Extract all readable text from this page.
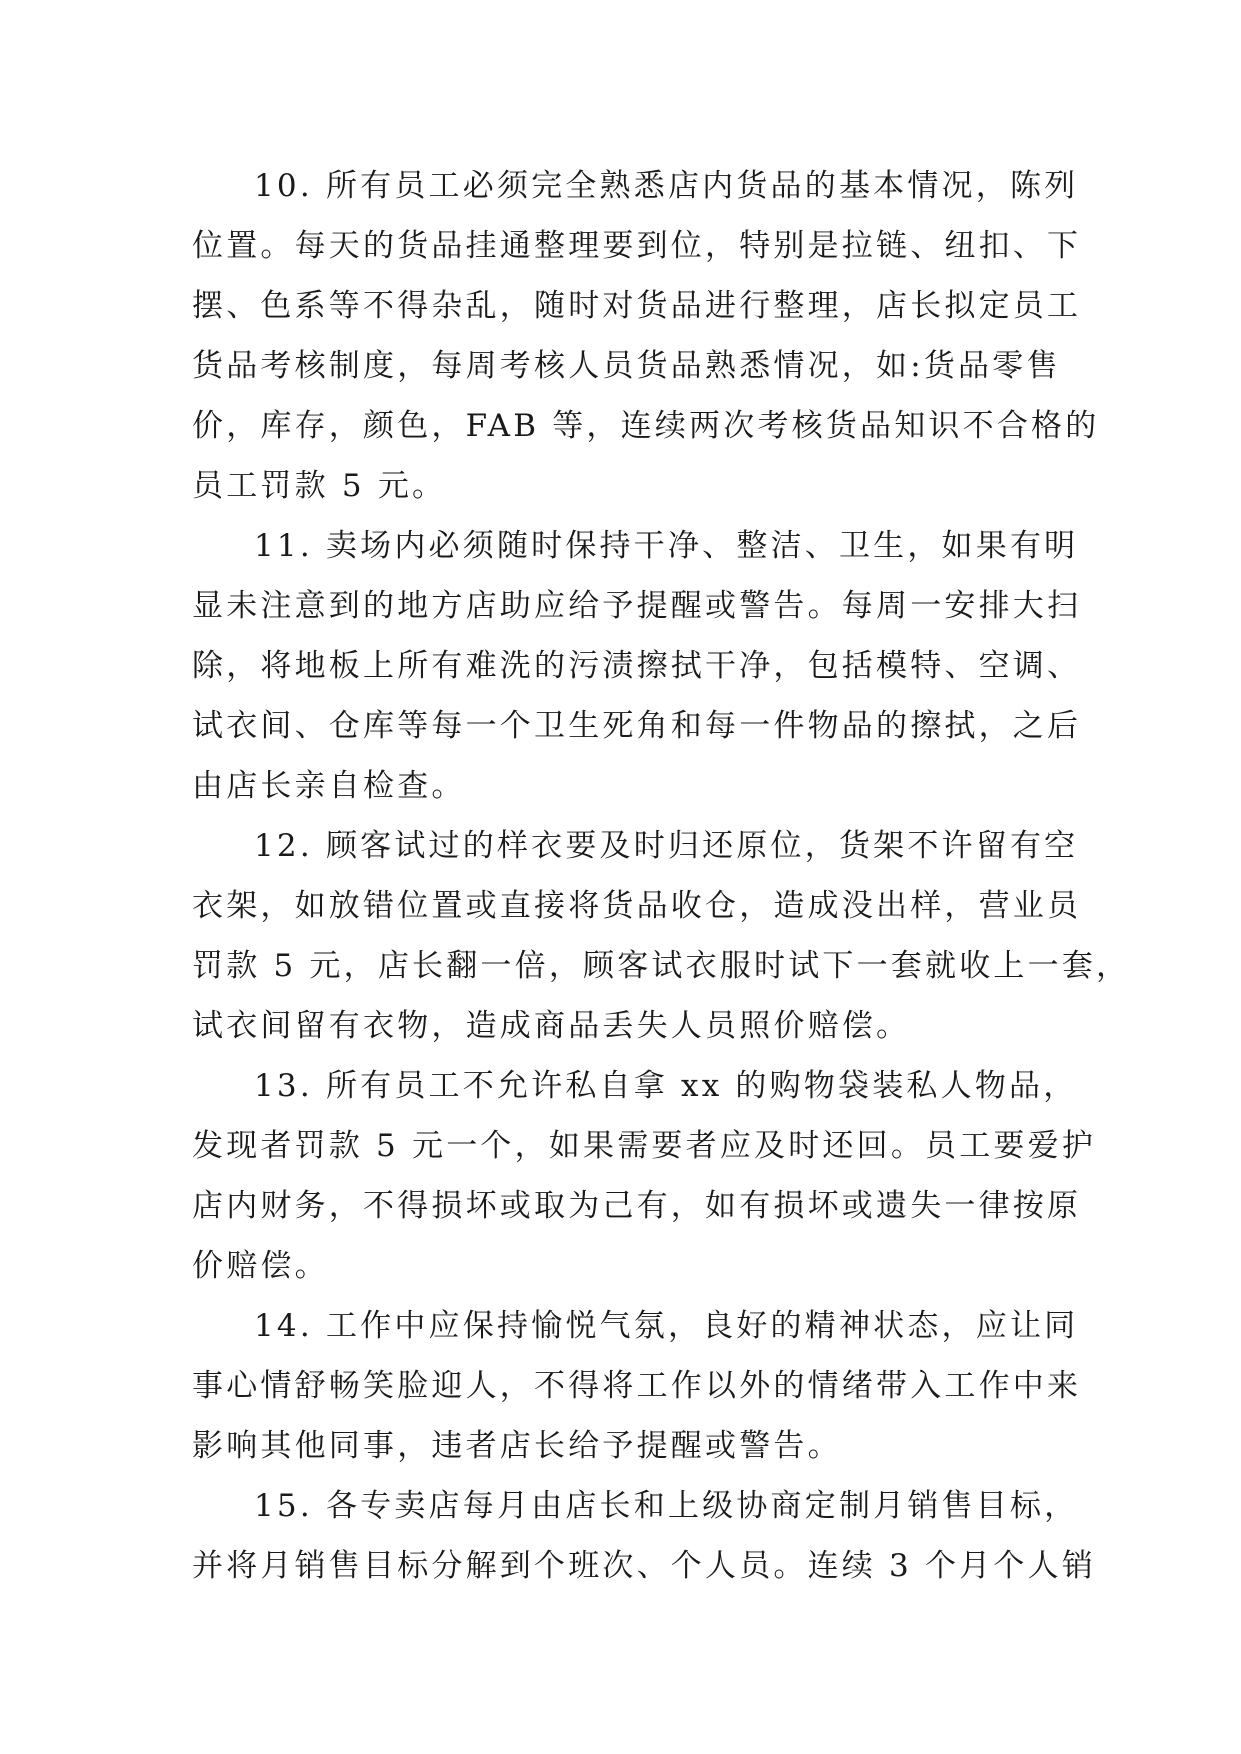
10. 所有员工必须完全熟悉店内货品的基本情况，陈列
位置。每天的货品挂通整理要到位，特别是拉链、纽扣、下
摆、色系等不得杂乱，随时对货品进行整理，店长拟定员工
货品考核制度，每周考核人员货品熟悉情况，如:货品零售
价，库存，颜色，FAB 等，连续两次考核货品知识不合格的
员工罚款 5 元。
11. 卖场内必须随时保持干净、整洁、卫生，如果有明
显未注意到的地方店助应给予提醒或警告。每周一安排大扫
除，将地板上所有难洗的污渍擦拭干净，包括模特、空调、
试衣间、仓库等每一个卫生死角和每一件物品的擦拭，之后
由店长亲自检查。
12. 顾客试过的样衣要及时归还原位，货架不许留有空
衣架，如放错位置或直接将货品收仓，造成没出样，营业员
罚款 5 元，店长翻一倍，顾客试衣服时试下一套就收上一套，
试衣间留有衣物，造成商品丢失人员照价赔偿。
13. 所有员工不允许私自拿 xx 的购物袋装私人物品，
发现者罚款 5 元一个，如果需要者应及时还回。员工要爱护
店内财务，不得损坏或取为己有，如有损坏或遗失一律按原
价赔偿。
14. 工作中应保持愉悦气氛，良好的精神状态，应让同
事心情舒畅笑脸迎人，不得将工作以外的情绪带入工作中来
影响其他同事，违者店长给予提醒或警告。
15. 各专卖店每月由店长和上级协商定制月销售目标，
并将月销售目标分解到个班次、个人员。连续 3 个月个人销
